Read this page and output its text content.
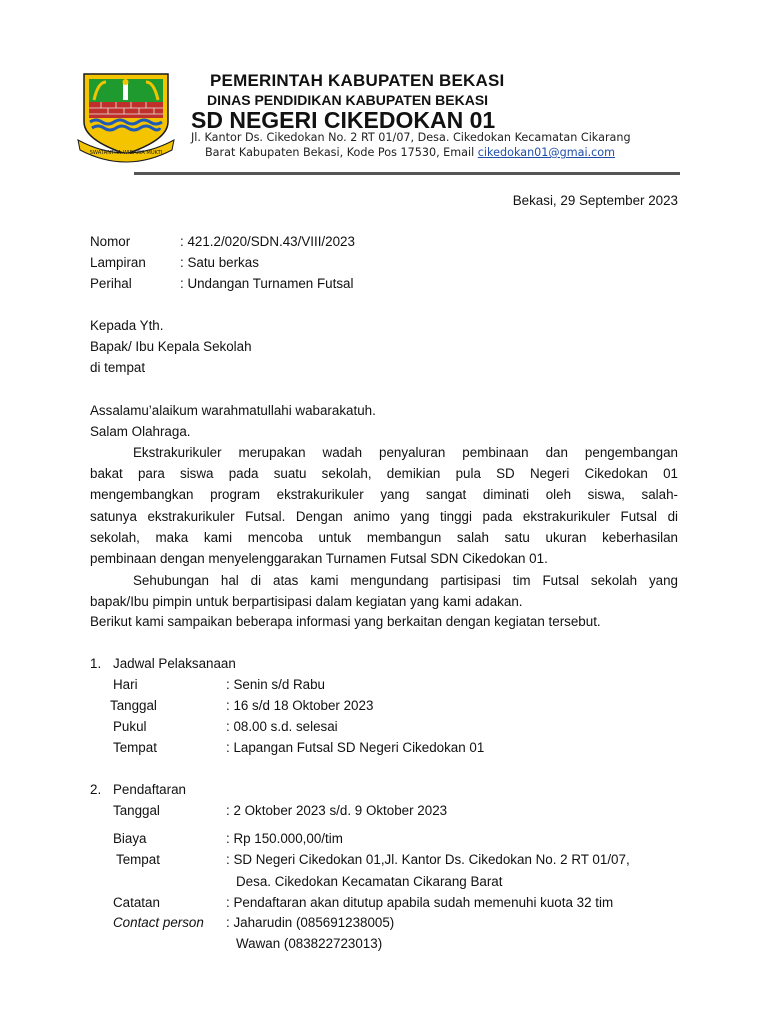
SWATANTRA WIBAWA MUKTI
PEMERINTAH KABUPATEN BEKASI
DINAS PENDIDIKAN KABUPATEN BEKASI
SD NEGERI CIKEDOKAN 01
Jl. Kantor Ds. Cikedokan No. 2 RT 01/07, Desa. Cikedokan Kecamatan Cikarang
Barat Kabupaten Bekasi, Kode Pos 17530, Email cikedokan01@gmai.com
Bekasi, 29 September 2023
Nomor	: 421.2/020/SDN.43/VIII/2023
Lampiran	: Satu berkas
Perihal	: Undangan Turnamen Futsal
Kepada Yth.
Bapak/ Ibu Kepala Sekolah
di tempat
Assalamu’alaikum warahmatullahi wabarakatuh.
Salam Olahraga.
Ekstrakurikuler merupakan wadah penyaluran pembinaan dan pengembangan
bakat para siswa pada suatu sekolah, demikian pula SD Negeri Cikedokan 01
mengembangkan program ekstrakurikuler yang sangat diminati oleh siswa, salah-
satunya ekstrakurikuler Futsal. Dengan animo yang tinggi pada ekstrakurikuler Futsal di
sekolah, maka kami mencoba untuk membangun salah satu ukuran keberhasilan
pembinaan dengan menyelenggarakan Turnamen Futsal SDN Cikedokan 01.
Sehubungan hal di atas kami mengundang partisipasi tim Futsal sekolah yang
bapak/Ibu pimpin untuk berpartisipasi dalam kegiatan yang kami adakan.
Berikut kami sampaikan beberapa informasi yang berkaitan dengan kegiatan tersebut.
1. Jadwal Pelaksanaan
Hari	: Senin s/d Rabu
Tanggal	: 16 s/d 18 Oktober 2023
Pukul	: 08.00 s.d. selesai
Tempat	: Lapangan Futsal SD Negeri Cikedokan 01
2. Pendaftaran
Tanggal	: 2 Oktober 2023 s/d. 9 Oktober 2023
Biaya	: Rp 150.000,00/tim
Tempat	: SD Negeri Cikedokan 01,Jl. Kantor Ds. Cikedokan No. 2 RT 01/07,
Desa. Cikedokan Kecamatan Cikarang Barat
Catatan	: Pendaftaran akan ditutup apabila sudah memenuhi kuota 32 tim
Contact person : Jaharudin (085691238005)
Wawan (083822723013)
